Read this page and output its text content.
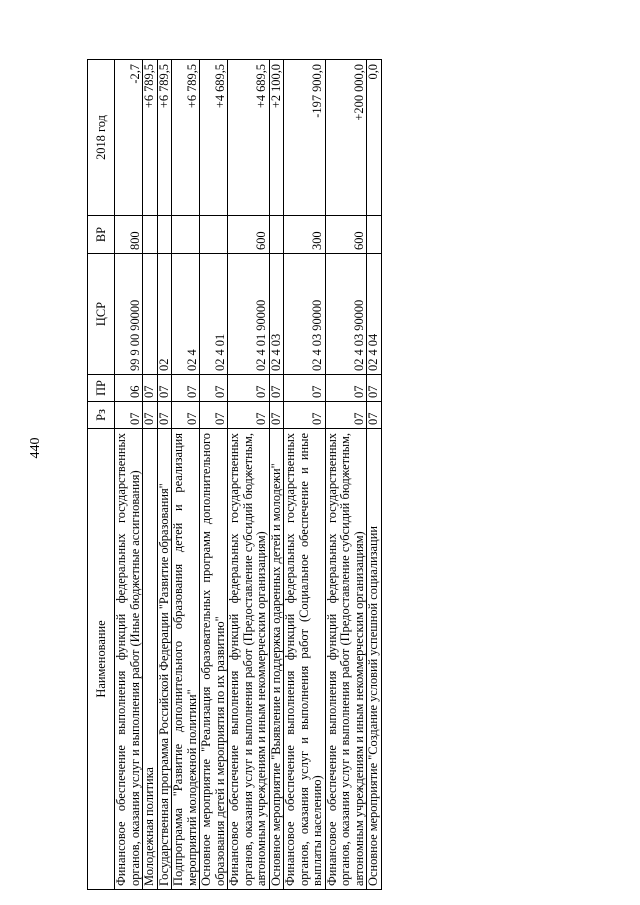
440
Наименование	Рз	ПР	ЦСР	ВР	2018 год
Финансовое обеспечение выполнения функций федеральных государственных органов, оказания услуг и выполнения работ (Иные бюджетные ассигнования)	07	06	99 9 00 90000	800	-2,7
Молодежная политика	07	07			+6 789,5
Государственная программа Российской Федерации "Развитие образования"	07	07	02		+6 789,5
Подпрограмма "Развитие дополнительного образования детей и реализация мероприятий молодежной политики"	07	07	02 4		+6 789,5
Основное мероприятие "Реализация образовательных программ дополнительного образования детей и мероприятия по их развитию"	07	07	02 4 01		+4 689,5
Финансовое обеспечение выполнения функций федеральных государственных органов, оказания услуг и выполнения работ (Предоставление субсидий бюджетным, автономным учреждениям и иным некоммерческим организациям)	07	07	02 4 01 90000	600	+4 689,5
Основное мероприятие "Выявление и поддержка одаренных детей и молодежи"	07	07	02 4 03		+2 100,0
Финансовое обеспечение выполнения функций федеральных государственных органов, оказания услуг и выполнения работ (Социальное обеспечение и иные выплаты населению)	07	07	02 4 03 90000	300	-197 900,0
Финансовое обеспечение выполнения функций федеральных государственных органов, оказания услуг и выполнения работ (Предоставление субсидий бюджетным, автономным учреждениям и иным некоммерческим организациям)	07	07	02 4 03 90000	600	+200 000,0
Основное мероприятие "Создание условий успешной социализации	07	07	02 4 04		0,0
